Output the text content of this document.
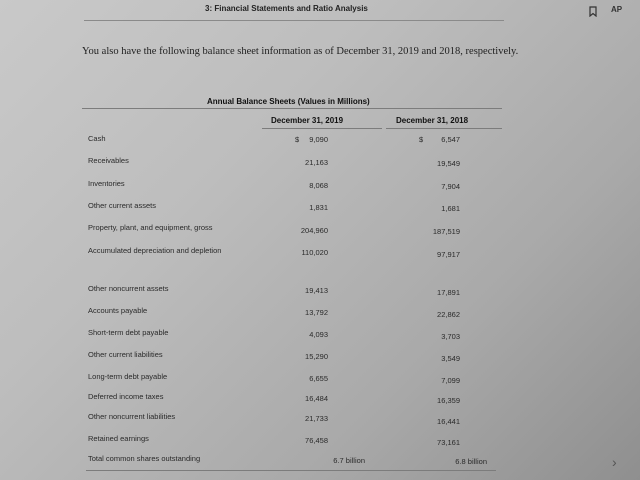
3: Financial Statements and Ratio Analysis	AP
You also have the following balance sheet information as of December 31, 2019 and 2018, respectively.
Annual Balance Sheets (Values in Millions)
December 31, 2019	December 31, 2018
Cash	$	9,090	$	6,547
Receivables	21,163	19,549
Inventories	8,068	7,904
Other current assets	1,831	1,681
Property, plant, and equipment, gross	204,960	187,519
Accumulated depreciation and depletion	110,020	97,917
Other noncurrent assets	19,413	17,891
Accounts payable	13,792	22,862
Short-term debt payable	4,093	3,703
Other current liabilities	15,290	3,549
Long-term debt payable	6,655	7,099
Deferred income taxes	16,484	16,359
Other noncurrent liabilities	21,733	16,441
Retained earnings	76,458	73,161
Total common shares outstanding	6.7 billion	6.8 billion	›
